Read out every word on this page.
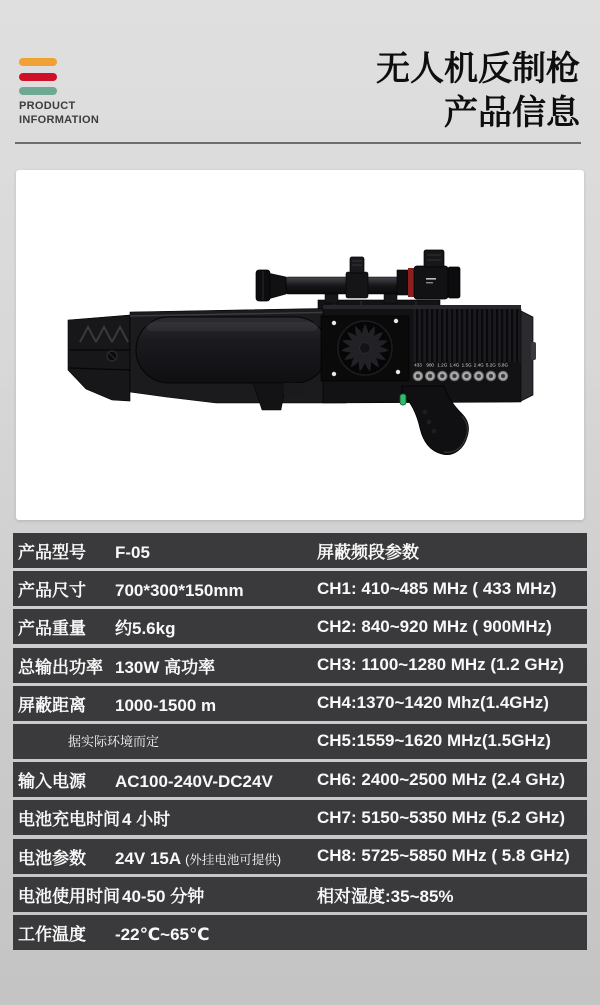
PRODUCT
INFORMATION
无人机反制枪
产品信息
433 900 1.2G 1.4G 1.5G 2.4G 5.2G 5.8G
产品型号 F-05	屏蔽频段参数
产品尺寸 700*300*150mm	CH1: 410~485 MHz ( 433 MHz)
产品重量 约5.6kg	CH2: 840~920 MHz ( 900MHz)
总输出功率 130W 高功率	CH3: 1100~1280 MHz (1.2 GHz)
屏蔽距离 1000-1500 m	CH4:1370~1420 Mhz(1.4GHz)
据实际环境而定	CH5:1559~1620 MHz(1.5GHz)
输入电源 AC100-240V-DC24V	CH6: 2400~2500 MHz (2.4 GHz)
电池充电时间 4 小时	CH7: 5150~5350 MHz (5.2 GHz)
电池参数 24V 15A (外挂电池可提供)	CH8: 5725~5850 MHz ( 5.8 GHz)
电池使用时间 40-50 分钟	相对湿度:35~85%
工作温度 -22℃~65℃
